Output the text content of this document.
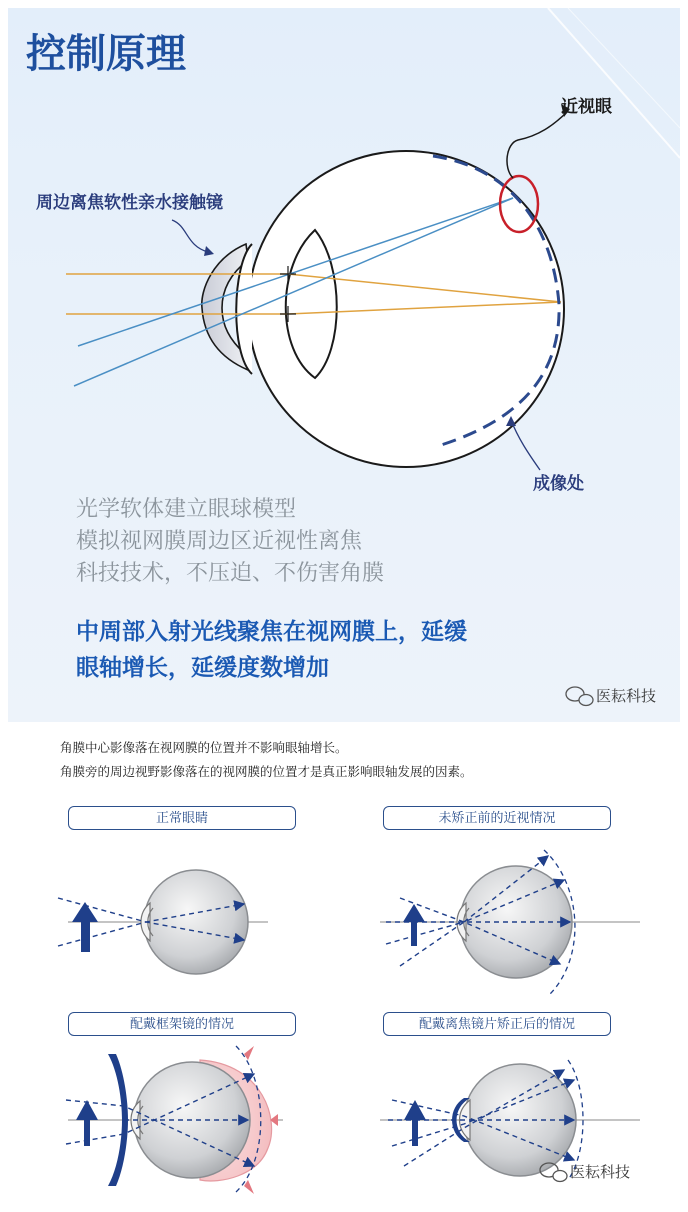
控制原理
近视眼
周边离焦软性亲水接触镜
成像处
光学软体建立眼球模型
模拟视网膜周边区近视性离焦
科技技术，不压迫、不伤害角膜
中周部入射光线聚焦在视网膜上，延缓
眼轴增长，延缓度数增加
医耘科技
角膜中心影像落在视网膜的位置并不影响眼轴增长。
角膜旁的周边视野影像落在的视网膜的位置才是真正影响眼轴发展的因素。
正常眼睛	未矫正前的近视情况
配戴框架镜的情况	配戴离焦镜片矫正后的情况
医耘科技
